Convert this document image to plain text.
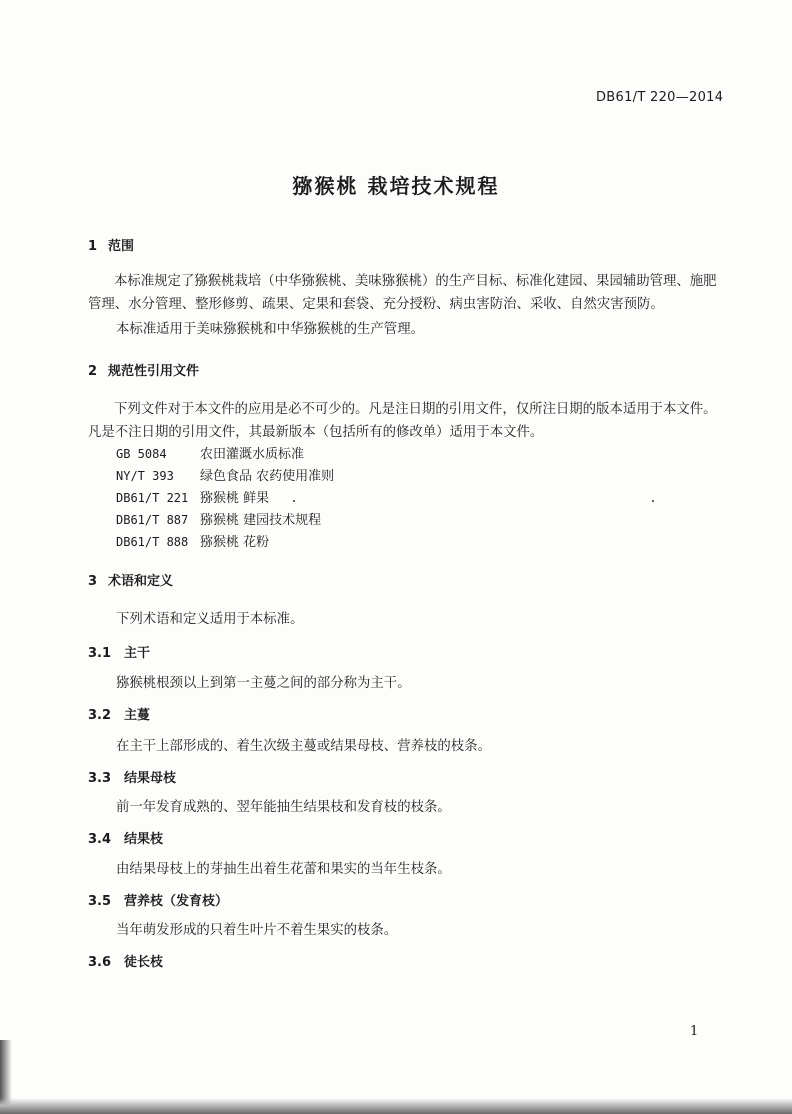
DB61/T 220—2014
猕猴桃 栽培技术规程
1 范围
本标准规定了猕猴桃栽培（中华猕猴桃、美味猕猴桃）的生产目标、标准化建园、果园辅助管理、施肥管理、水分管理、整形修剪、疏果、定果和套袋、充分授粉、病虫害防治、采收、自然灾害预防。
本标准适用于美味猕猴桃和中华猕猴桃的生产管理。
2 规范性引用文件
下列文件对于本文件的应用是必不可少的。凡是注日期的引用文件，仅所注日期的版本适用于本文件。凡是不注日期的引用文件，其最新版本（包括所有的修改单）适用于本文件。
GB 5084	农田灌溉水质标准
NY/T 393 绿色食品 农药使用准则
DB61/T 221 猕猴桃 鲜果
DB61/T 887 猕猴桃 建园技术规程
DB61/T 888 猕猴桃 花粉
3 术语和定义
下列术语和定义适用于本标准。
3.1 主干
猕猴桃根颈以上到第一主蔓之间的部分称为主干。
3.2 主蔓
在主干上部形成的、着生次级主蔓或结果母枝、营养枝的枝条。
3.3 结果母枝
前一年发育成熟的、翌年能抽生结果枝和发育枝的枝条。
3.4 结果枝
由结果母枝上的芽抽生出着生花蕾和果实的当年生枝条。
3.5 营养枝（发育枝）
当年萌发形成的只着生叶片不着生果实的枝条。
3.6 徒长枝
1
